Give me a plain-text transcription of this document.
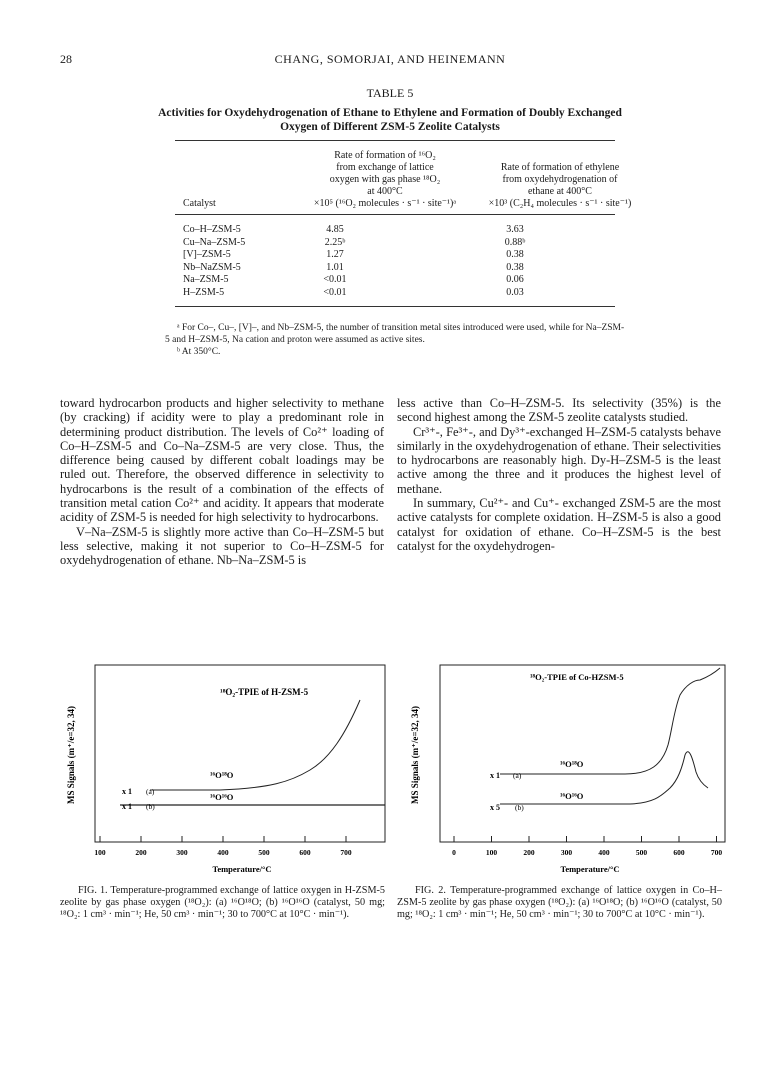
28	CHANG, SOMORJAI, AND HEINEMANN
TABLE 5
Activities for Oxydehydrogenation of Ethane to Ethylene and Formation of Doubly Exchanged Oxygen of Different ZSM-5 Zeolite Catalysts
Rate of formation of ¹⁶O₂
from exchange of lattice
oxygen with gas phase ¹⁸O₂
at 400°C
×10⁵ (¹⁶O₂ molecules · s⁻¹ · site⁻¹)ᵃ
Rate of formation of ethylene
from oxydehydrogenation of
ethane at 400°C
×10³ (C₂H₄ molecules · s⁻¹ · site⁻¹)
Catalyst
Co–H–ZSM-5	4.85	3.63
Cu–Na–ZSM-5	2.25ᵇ	0.88ᵇ
[V]–ZSM-5	1.27	0.38
Nb–NaZSM-5	1.01	0.38
Na–ZSM-5	<0.01	0.06
H–ZSM-5	<0.01	0.03

ᵃ For Co–, Cu–, [V]–, and Nb–ZSM-5, the number of transition metal sites introduced were used, while for Na–ZSM-5 and H–ZSM-5, Na cation and proton were assumed as active sites.

ᵇ At 350°C.

toward hydrocarbon products and higher selectivity to methane (by cracking) if acidity were to play a predominant role in determining product distribution. The levels of Co²⁺ loading of Co–H–ZSM-5 and Co–Na–ZSM-5 are very close. Thus, the difference being caused by different cobalt loadings may be ruled out. Therefore, the observed difference in selectivity to hydrocarbons is the result of a combination of the effects of transition metal cation Co²⁺ and acidity. It appears that moderate acidity of ZSM-5 is needed for high selectivity to hydrocarbons.

V–Na–ZSM-5 is slightly more active than Co–H–ZSM-5 but less selective, making it not superior to Co–H–ZSM-5 for oxydehydrogenation of ethane. Nb–Na–ZSM-5 is

less active than Co–H–ZSM-5. Its selectivity (35%) is the second highest among the ZSM-5 zeolite catalysts studied.

Cr³⁺-, Fe³⁺-, and Dy³⁺-exchanged H–ZSM-5 catalysts behave similarly in the oxydehydrogenation of ethane. Their selectivities to hydrocarbons are reasonably high. Dy-H–ZSM-5 is the least active among the three and it produces the highest level of methane.

In summary, Cu²⁺- and Cu⁺- exchanged ZSM-5 are the most active catalysts for complete oxidation. H–ZSM-5 is also a good catalyst for oxidation of ethane. Co–H–ZSM-5 is the best catalyst for the oxydehydrogen-

MS Signals (m⁺/e=32, 34)
¹⁸O₂-TPIE of H-ZSM-5
¹⁶O¹⁸O
¹⁶O¹⁶O
x 1 (a)
x 1 (b)
100	200	300	400	500	600	700
Temperature/°C
FIG. 1. Temperature-programmed exchange of lattice oxygen in H-ZSM-5 zeolite by gas phase oxygen (¹⁸O₂): (a) ¹⁶O¹⁸O; (b) ¹⁶O¹⁶O (catalyst, 50 mg; ¹⁸O₂: 1 cm³ · min⁻¹; He, 50 cm³ · min⁻¹; 30 to 700°C at 10°C · min⁻¹).
MS Signals (m⁺/e=32, 34)
¹⁸O₂-TPIE of Co-HZSM-5
¹⁶O¹⁸O
¹⁶O¹⁶O
x 1 (a)
x 5 (b)
0	100	200	300	400	500	600	700
Temperature/°C
FIG. 2. Temperature-programmed exchange of lattice oxygen in Co–H–ZSM-5 zeolite by gas phase oxygen (¹⁸O₂): (a) ¹⁶O¹⁸O; (b) ¹⁶O¹⁶O (catalyst, 50 mg; ¹⁸O₂: 1 cm³ · min⁻¹; He, 50 cm³ · min⁻¹; 30 to 700°C at 10°C · min⁻¹).
